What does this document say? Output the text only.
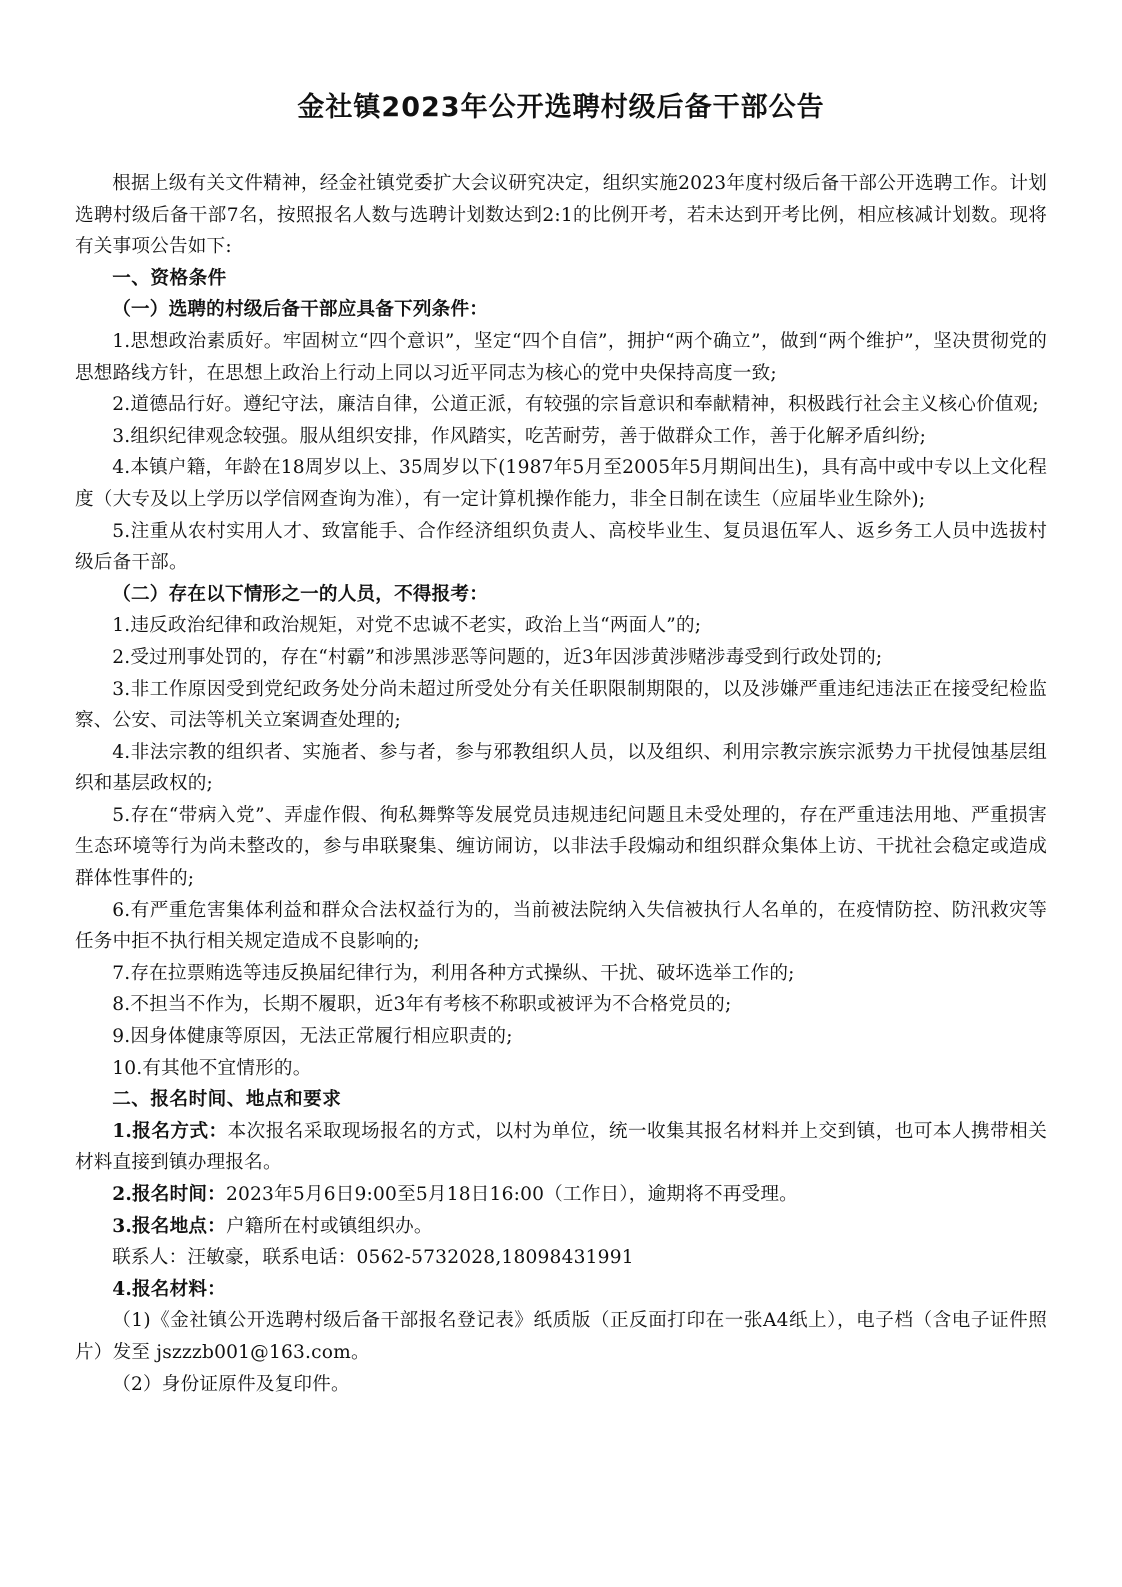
金社镇2023年公开选聘村级后备干部公告

根据上级有关文件精神，经金社镇党委扩大会议研究决定，组织实施2023年度村级后备干部公开选聘工作。计划选聘村级后备干部7名，按照报名人数与选聘计划数达到2:1的比例开考，若未达到开考比例，相应核减计划数。现将有关事项公告如下:

一、资格条件

（一）选聘的村级后备干部应具备下列条件：

1.思想政治素质好。牢固树立“四个意识”，坚定“四个自信”，拥护“两个确立”，做到“两个维护”，坚决贯彻党的思想路线方针，在思想上政治上行动上同以习近平同志为核心的党中央保持高度一致;

2.道德品行好。遵纪守法，廉洁自律，公道正派，有较强的宗旨意识和奉献精神，积极践行社会主义核心价值观;

3.组织纪律观念较强。服从组织安排，作风踏实，吃苦耐劳，善于做群众工作，善于化解矛盾纠纷;

4.本镇户籍，年龄在18周岁以上、35周岁以下(1987年5月至2005年5月期间出生)，具有高中或中专以上文化程度（大专及以上学历以学信网查询为准），有一定计算机操作能力，非全日制在读生（应届毕业生除外);

5.注重从农村实用人才、致富能手、合作经济组织负责人、高校毕业生、复员退伍军人、返乡务工人员中选拔村级后备干部。

（二）存在以下情形之一的人员，不得报考：

1.违反政治纪律和政治规矩，对党不忠诚不老实，政治上当“两面人”的;

2.受过刑事处罚的，存在“村霸”和涉黑涉恶等问题的，近3年因涉黄涉赌涉毒受到行政处罚的;

3.非工作原因受到党纪政务处分尚未超过所受处分有关任职限制期限的，以及涉嫌严重违纪违法正在接受纪检监察、公安、司法等机关立案调查处理的;

4.非法宗教的组织者、实施者、参与者，参与邪教组织人员，以及组织、利用宗教宗族宗派势力干扰侵蚀基层组织和基层政权的;

5.存在“带病入党”、弄虚作假、徇私舞弊等发展党员违规违纪问题且未受处理的，存在严重违法用地、严重损害生态环境等行为尚未整改的，参与串联聚集、缠访闹访，以非法手段煽动和组织群众集体上访、干扰社会稳定或造成群体性事件的;

6.有严重危害集体利益和群众合法权益行为的，当前被法院纳入失信被执行人名单的，在疫情防控、防汛救灾等任务中拒不执行相关规定造成不良影响的;

7.存在拉票贿选等违反换届纪律行为，利用各种方式操纵、干扰、破坏选举工作的;

8.不担当不作为，长期不履职，近3年有考核不称职或被评为不合格党员的;

9.因身体健康等原因，无法正常履行相应职责的;

10.有其他不宜情形的。

二、报名时间、地点和要求

1.报名方式：本次报名采取现场报名的方式，以村为单位，统一收集其报名材料并上交到镇，也可本人携带相关材料直接到镇办理报名。

2.报名时间：2023年5月6日9:00至5月18日16:00（工作日），逾期将不再受理。

3.报名地点：户籍所在村或镇组织办。

联系人：汪敏豪，联系电话：0562-5732028,18098431991

4.报名材料：

（1)《金社镇公开选聘村级后备干部报名登记表》纸质版（正反面打印在一张A4纸上），电子档（含电子证件照片）发至 jszzzb001@163.com。

（2）身份证原件及复印件。
